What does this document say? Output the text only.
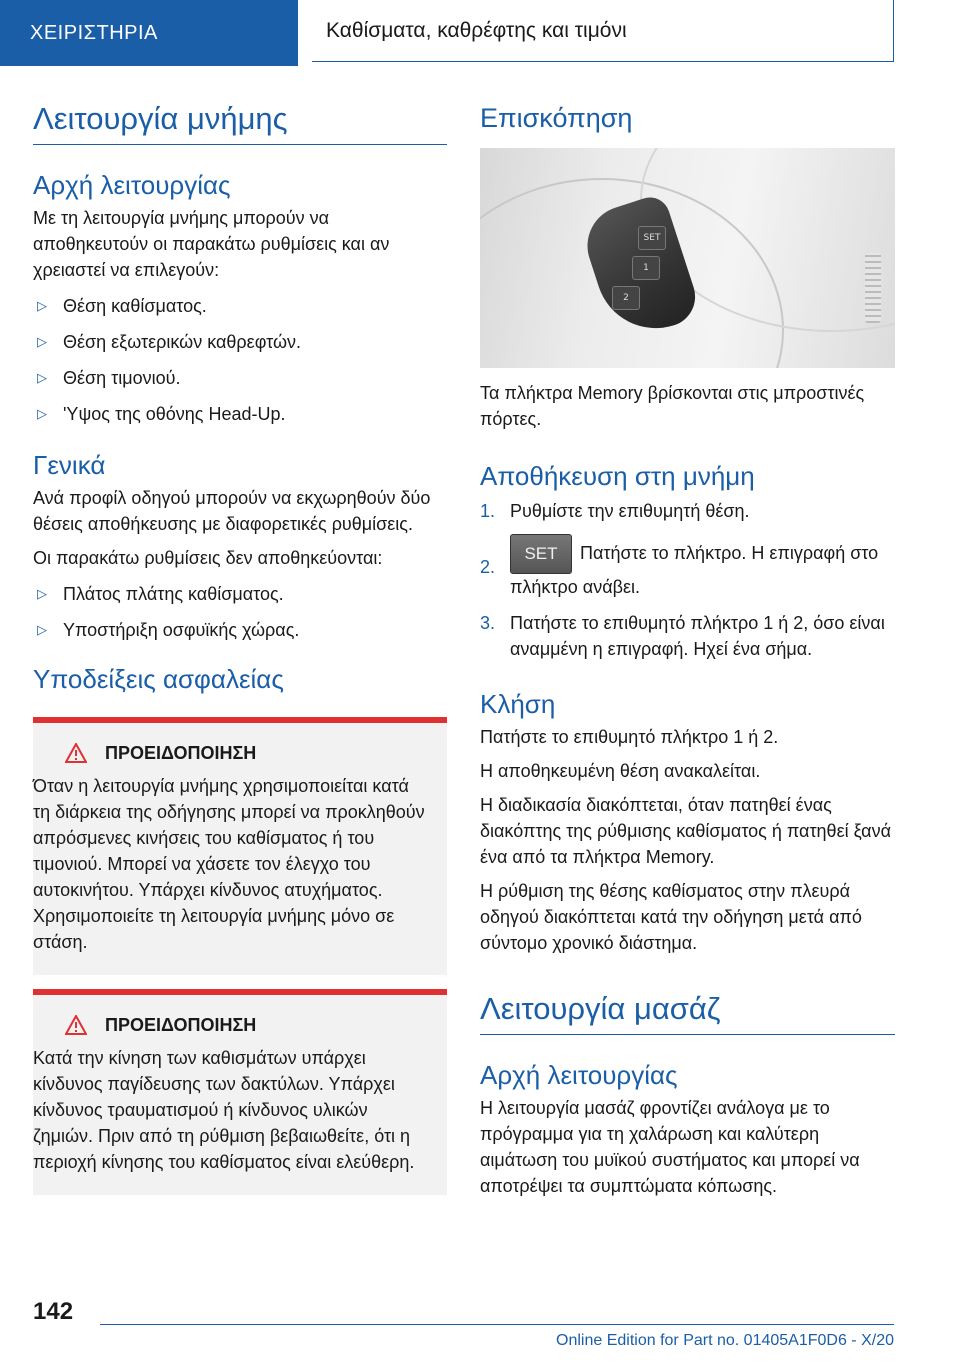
ΧΕΙΡΙΣΤΗΡΙΑ	Καθίσματα, καθρέφτης και τιμόνι
Λειτουργία μνήμης
Αρχή λειτουργίας

Με τη λειτουργία μνήμης μπορούν να αποθηκευτούν οι παρακάτω ρυθμίσεις και αν χρειαστεί να επιλεγούν:

▷ Θέση καθίσματος.
▷ Θέση εξωτερικών καθρεφτών.
▷ Θέση τιμονιού.
▷ 'Υψος της οθόνης Head-Up.
Γενικά

Ανά προφίλ οδηγού μπορούν να εκχωρηθούν δύο θέσεις αποθήκευσης με διαφορετικές ρυθμίσεις.

Οι παρακάτω ρυθμίσεις δεν αποθηκεύονται:

▷ Πλάτος πλάτης καθίσματος.
▷ Υποστήριξη οσφυϊκής χώρας.
Υποδείξεις ασφαλείας
ΠΡΟΕΙΔΟΠΟΙΗΣΗ
Όταν η λειτουργία μνήμης χρησιμοποιείται κατά τη διάρκεια της οδήγησης μπορεί να προκληθούν απρόσμενες κινήσεις του καθίσματος ή του τιμονιού. Μπορεί να χάσετε τον έλεγχο του αυτοκινήτου. Υπάρχει κίνδυνος ατυχήματος. Χρησιμοποιείτε τη λειτουργία μνήμης μόνο σε στάση.
ΠΡΟΕΙΔΟΠΟΙΗΣΗ
Κατά την κίνηση των καθισμάτων υπάρχει κίνδυνος παγίδευσης των δακτύλων. Υπάρχει κίνδυνος τραυματισμού ή κίνδυνος υλικών ζημιών. Πριν από τη ρύθμιση βεβαιωθείτε, ότι η περιοχή κίνησης του καθίσματος είναι ελεύθερη.
Επισκόπηση
SET
1
2

Τα πλήκτρα Memory βρίσκονται στις μπροστινές πόρτες.

Αποθήκευση στη μνήμη
1. Ρυθμίστε την επιθυμητή θέση.
2.
SET Πατήστε το πλήκτρο. Η επιγραφή στο πλήκτρο ανάβει.
3. Πατήστε το επιθυμητό πλήκτρο 1 ή 2, όσο είναι αναμμένη η επιγραφή. Ηχεί ένα σήμα.
Κλήση

Πατήστε το επιθυμητό πλήκτρο 1 ή 2.

Η αποθηκευμένη θέση ανακαλείται.

Η διαδικασία διακόπτεται, όταν πατηθεί ένας διακόπτης της ρύθμισης καθίσματος ή πατηθεί ξανά ένα από τα πλήκτρα Memory.

Η ρύθμιση της θέσης καθίσματος στην πλευρά οδηγού διακόπτεται κατά την οδήγηση μετά από σύντομο χρονικό διάστημα.

Λειτουργία μασάζ
Αρχή λειτουργίας

Η λειτουργία μασάζ φροντίζει ανάλογα με το πρόγραμμα για τη χαλάρωση και καλύτερη αιμάτωση του μυϊκού συστήματος και μπορεί να αποτρέψει τα συμπτώματα κόπωσης.

142
Online Edition for Part no. 01405A1F0D6 - X/20
